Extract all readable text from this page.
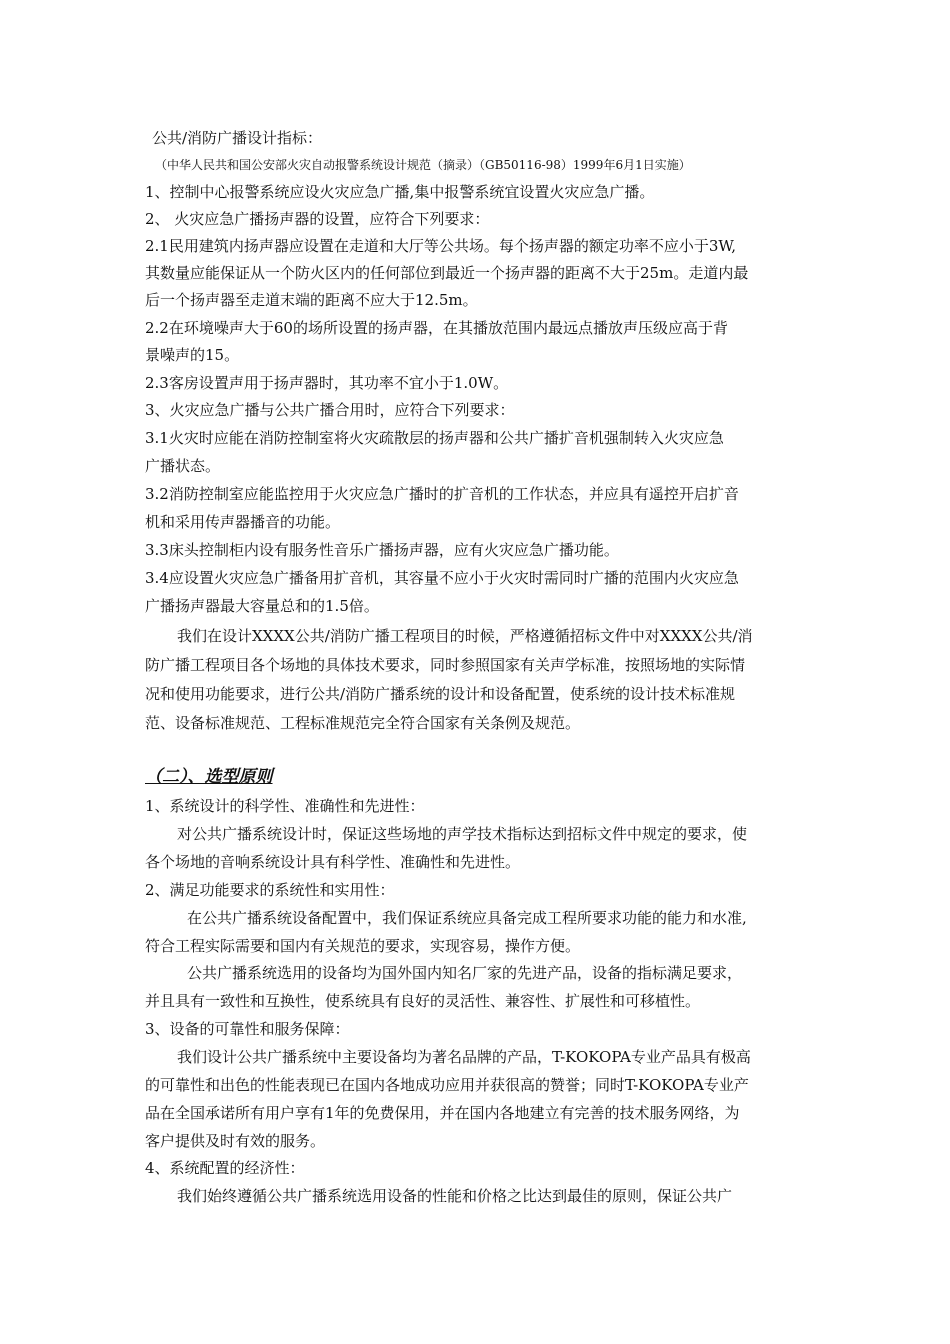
公共/消防广播设计指标：
（中华人民共和国公安部火灾自动报警系统设计规范（摘录）（GB50116-98）1999年6月1日实施）
1、控制中心报警系统应设火灾应急广播,集中报警系统宜设置火灾应急广播。
2、 火灾应急广播扬声器的设置，应符合下列要求：
2.1民用建筑内扬声器应设置在走道和大厅等公共场。每个扬声器的额定功率不应小于3W,
其数量应能保证从一个防火区内的任何部位到最近一个扬声器的距离不大于25m。走道内最
后一个扬声器至走道末端的距离不应大于12.5m。
2.2在环境噪声大于60的场所设置的扬声器，在其播放范围内最远点播放声压级应高于背
景噪声的15。
2.3客房设置声用于扬声器时，其功率不宜小于1.0W。
3、火灾应急广播与公共广播合用时，应符合下列要求：
3.1火灾时应能在消防控制室将火灾疏散层的扬声器和公共广播扩音机强制转入火灾应急
广播状态。
3.2消防控制室应能监控用于火灾应急广播时的扩音机的工作状态，并应具有遥控开启扩音
机和采用传声器播音的功能。
3.3床头控制柜内设有服务性音乐广播扬声器，应有火灾应急广播功能。
3.4应设置火灾应急广播备用扩音机，其容量不应小于火灾时需同时广播的范围内火灾应急
广播扬声器最大容量总和的1.5倍。
我们在设计XXXX公共/消防广播工程项目的时候，严格遵循招标文件中对XXXX公共/消
防广播工程项目各个场地的具体技术要求，同时参照国家有关声学标准，按照场地的实际情
况和使用功能要求，进行公共/消防广播系统的设计和设备配置，使系统的设计技术标准规
范、设备标准规范、工程标准规范完全符合国家有关条例及规范。
（二）、选型原则
1、系统设计的科学性、准确性和先进性：
对公共广播系统设计时，保证这些场地的声学技术指标达到招标文件中规定的要求，使
各个场地的音响系统设计具有科学性、准确性和先进性。
2、满足功能要求的系统性和实用性：
在公共广播系统设备配置中，我们保证系统应具备完成工程所要求功能的能力和水准,
符合工程实际需要和国内有关规范的要求，实现容易，操作方便。
公共广播系统选用的设备均为国外国内知名厂家的先进产品，设备的指标满足要求，
并且具有一致性和互换性，使系统具有良好的灵活性、兼容性、扩展性和可移植性。
3、设备的可靠性和服务保障：
我们设计公共广播系统中主要设备均为著名品牌的产品，T-KOKOPA专业产品具有极高
的可靠性和出色的性能表现已在国内各地成功应用并获很高的赞誉；同时T-KOKOPA专业产
品在全国承诺所有用户享有1年的免费保用，并在国内各地建立有完善的技术服务网络，为
客户提供及时有效的服务。
4、系统配置的经济性：
我们始终遵循公共广播系统选用设备的性能和价格之比达到最佳的原则，保证公共广
